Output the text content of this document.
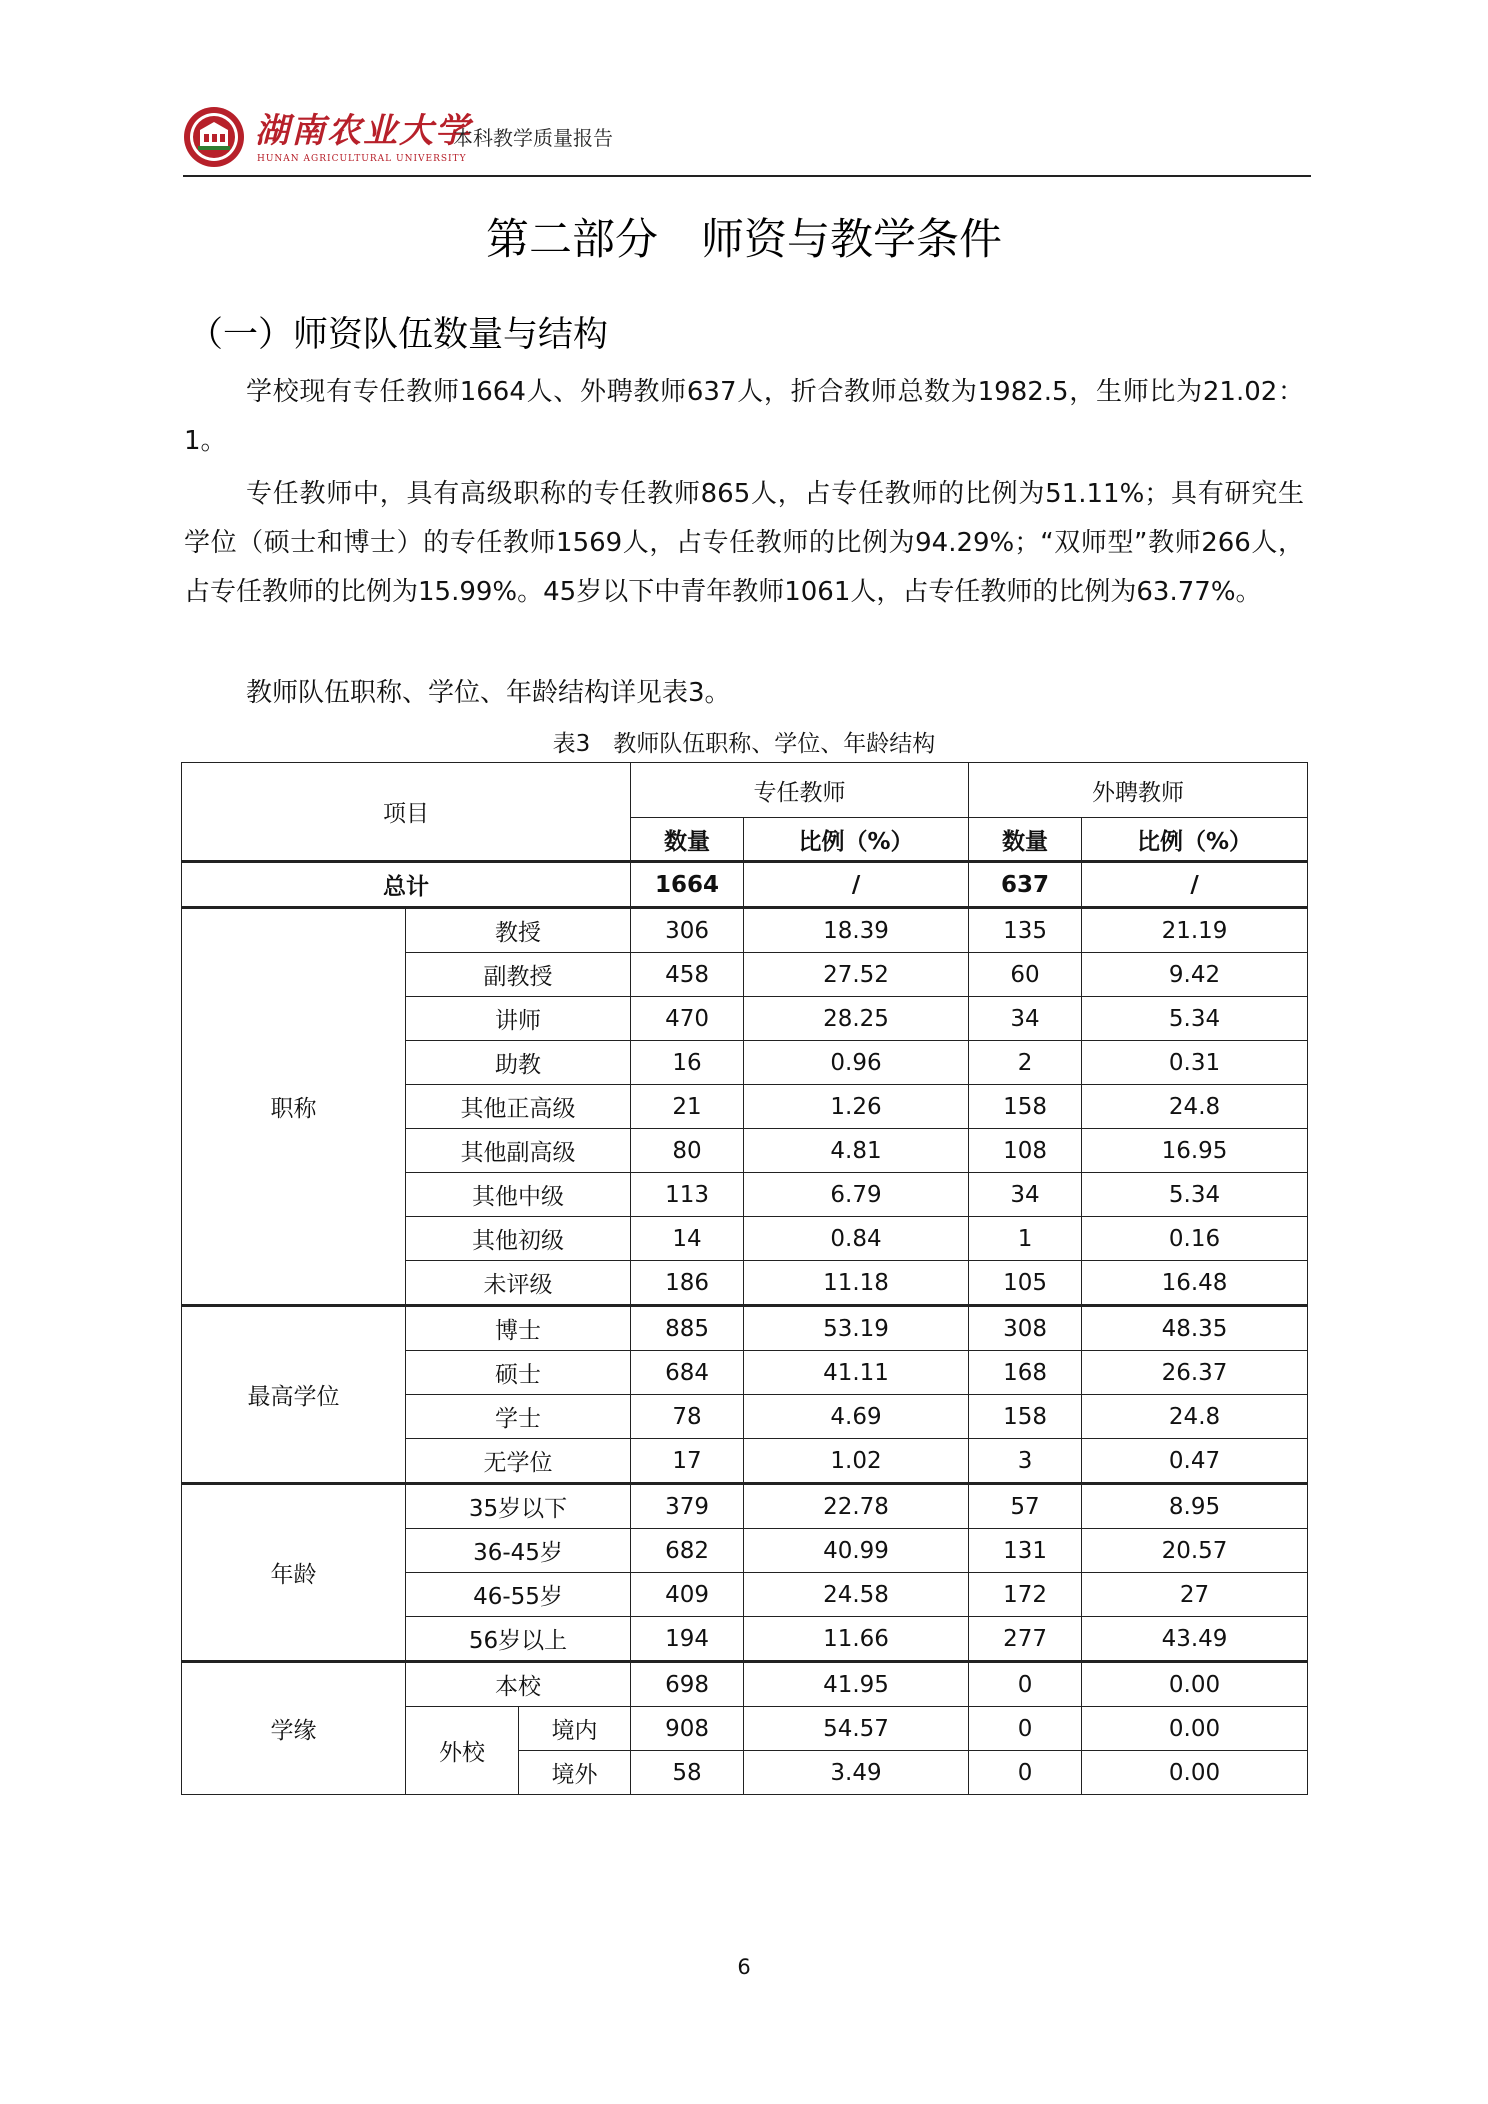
湖南农业大学
HUNAN AGRICULTURAL UNIVERSITY
本科教学质量报告
第二部分　师资与教学条件
（一）师资队伍数量与结构

学校现有专任教师1664人、外聘教师637人，折合教师总数为1982.5，生师比为21.02：1。

专任教师中，具有高级职称的专任教师865人，占专任教师的比例为51.11%；具有研究生学位（硕士和博士）的专任教师1569人，占专任教师的比例为94.29%；“双师型”教师266人，占专任教师的比例为15.99%。45岁以下中青年教师1061人，占专任教师的比例为63.77%。

教师队伍职称、学位、年龄结构详见表3。

表3　教师队伍职称、学位、年龄结构
项目			专任教师		外聘教师	
			数量	比例（%）	数量	比例（%）
总计			1664	/	637	/
职称	教授		306	18.39	135	21.19
	副教授		458	27.52	60	9.42
	讲师		470	28.25	34	5.34
	助教		16	0.96	2	0.31
	其他正高级		21	1.26	158	24.8
	其他副高级		80	4.81	108	16.95
	其他中级		113	6.79	34	5.34
	其他初级		14	0.84	1	0.16
	未评级		186	11.18	105	16.48
最高学位	博士		885	53.19	308	48.35
	硕士		684	41.11	168	26.37
	学士		78	4.69	158	24.8
	无学位		17	1.02	3	0.47
年龄	35岁以下		379	22.78	57	8.95
	36-45岁		682	40.99	131	20.57
	46-55岁		409	24.58	172	27
	56岁以上		194	11.66	277	43.49
学缘	本校		698	41.95	0	0.00
	外校	境内	908	54.57	0	0.00
		境外	58	3.49	0	0.00
6
